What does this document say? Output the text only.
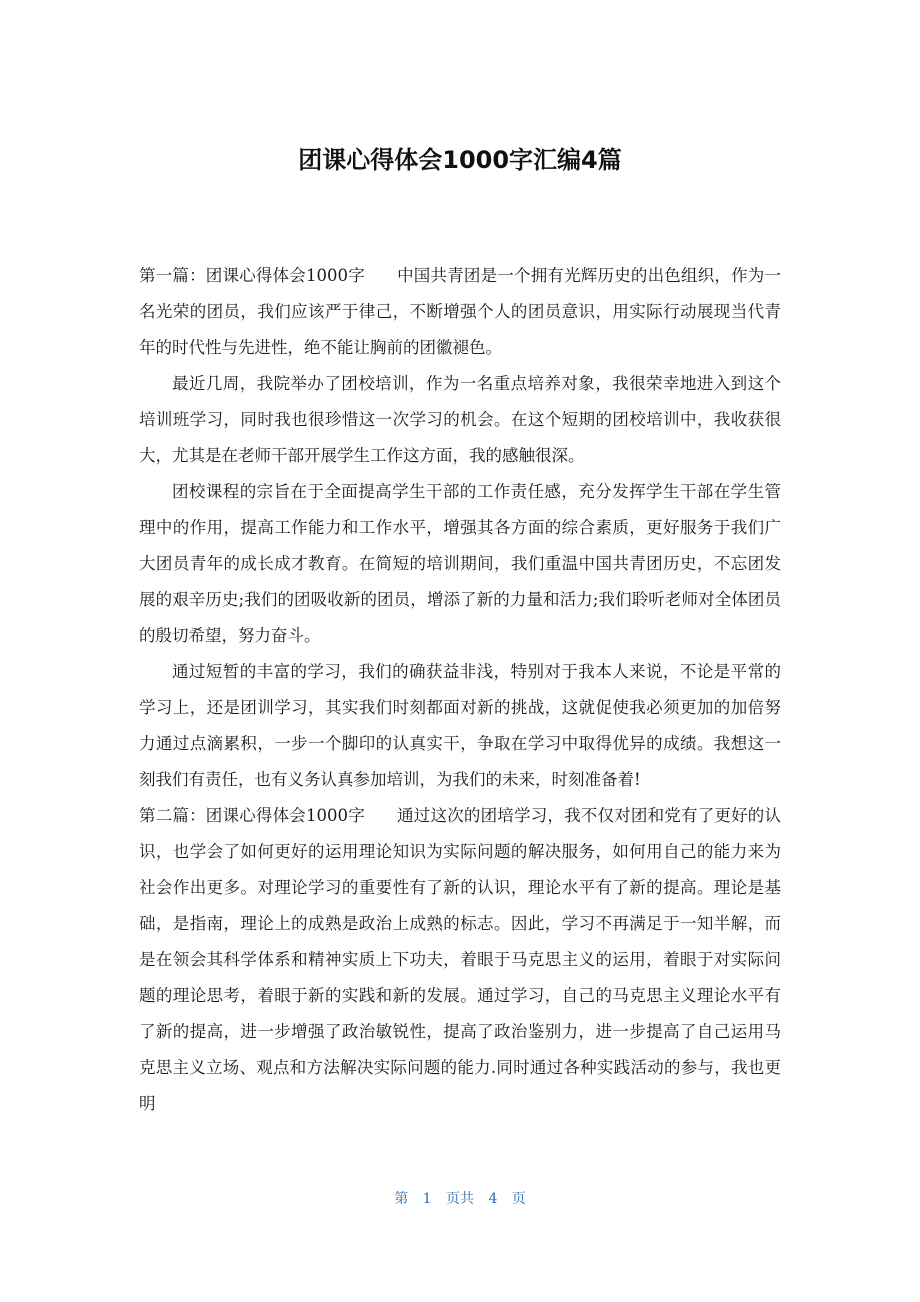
团课心得体会1000字汇编4篇

第一篇：团课心得体会1000字 中国共青团是一个拥有光辉历史的出色组织，作为一名光荣的团员，我们应该严于律己，不断增强个人的团员意识，用实际行动展现当代青年的时代性与先进性，绝不能让胸前的团徽褪色。

最近几周，我院举办了团校培训，作为一名重点培养对象，我很荣幸地进入到这个培训班学习，同时我也很珍惜这一次学习的机会。在这个短期的团校培训中，我收获很大，尤其是在老师干部开展学生工作这方面，我的感触很深。

团校课程的宗旨在于全面提高学生干部的工作责任感，充分发挥学生干部在学生管理中的作用，提高工作能力和工作水平，增强其各方面的综合素质，更好服务于我们广大团员青年的成长成才教育。在简短的培训期间，我们重温中国共青团历史，不忘团发展的艰辛历史;我们的团吸收新的团员，增添了新的力量和活力;我们聆听老师对全体团员的殷切希望，努力奋斗。

通过短暂的丰富的学习，我们的确获益非浅，特别对于我本人来说，不论是平常的学习上，还是团训学习，其实我们时刻都面对新的挑战，这就促使我必须更加的加倍努力通过点滴累积，一步一个脚印的认真实干，争取在学习中取得优异的成绩。我想这一刻我们有责任，也有义务认真参加培训，为我们的未来，时刻准备着!

第二篇：团课心得体会1000字 通过这次的团培学习，我不仅对团和党有了更好的认识，也学会了如何更好的运用理论知识为实际问题的解决服务，如何用自己的能力来为社会作出更多。对理论学习的重要性有了新的认识，理论水平有了新的提高。理论是基础，是指南，理论上的成熟是政治上成熟的标志。因此，学习不再满足于一知半解，而是在领会其科学体系和精神实质上下功夫，着眼于马克思主义的运用，着眼于对实际问题的理论思考，着眼于新的实践和新的发展。通过学习，自己的马克思主义理论水平有了新的提高，进一步增强了政治敏锐性，提高了政治鉴别力，进一步提高了自己运用马克思主义立场、观点和方法解决实际问题的能力.同时通过各种实践活动的参与，我也更明

第 1 页共 4 页
